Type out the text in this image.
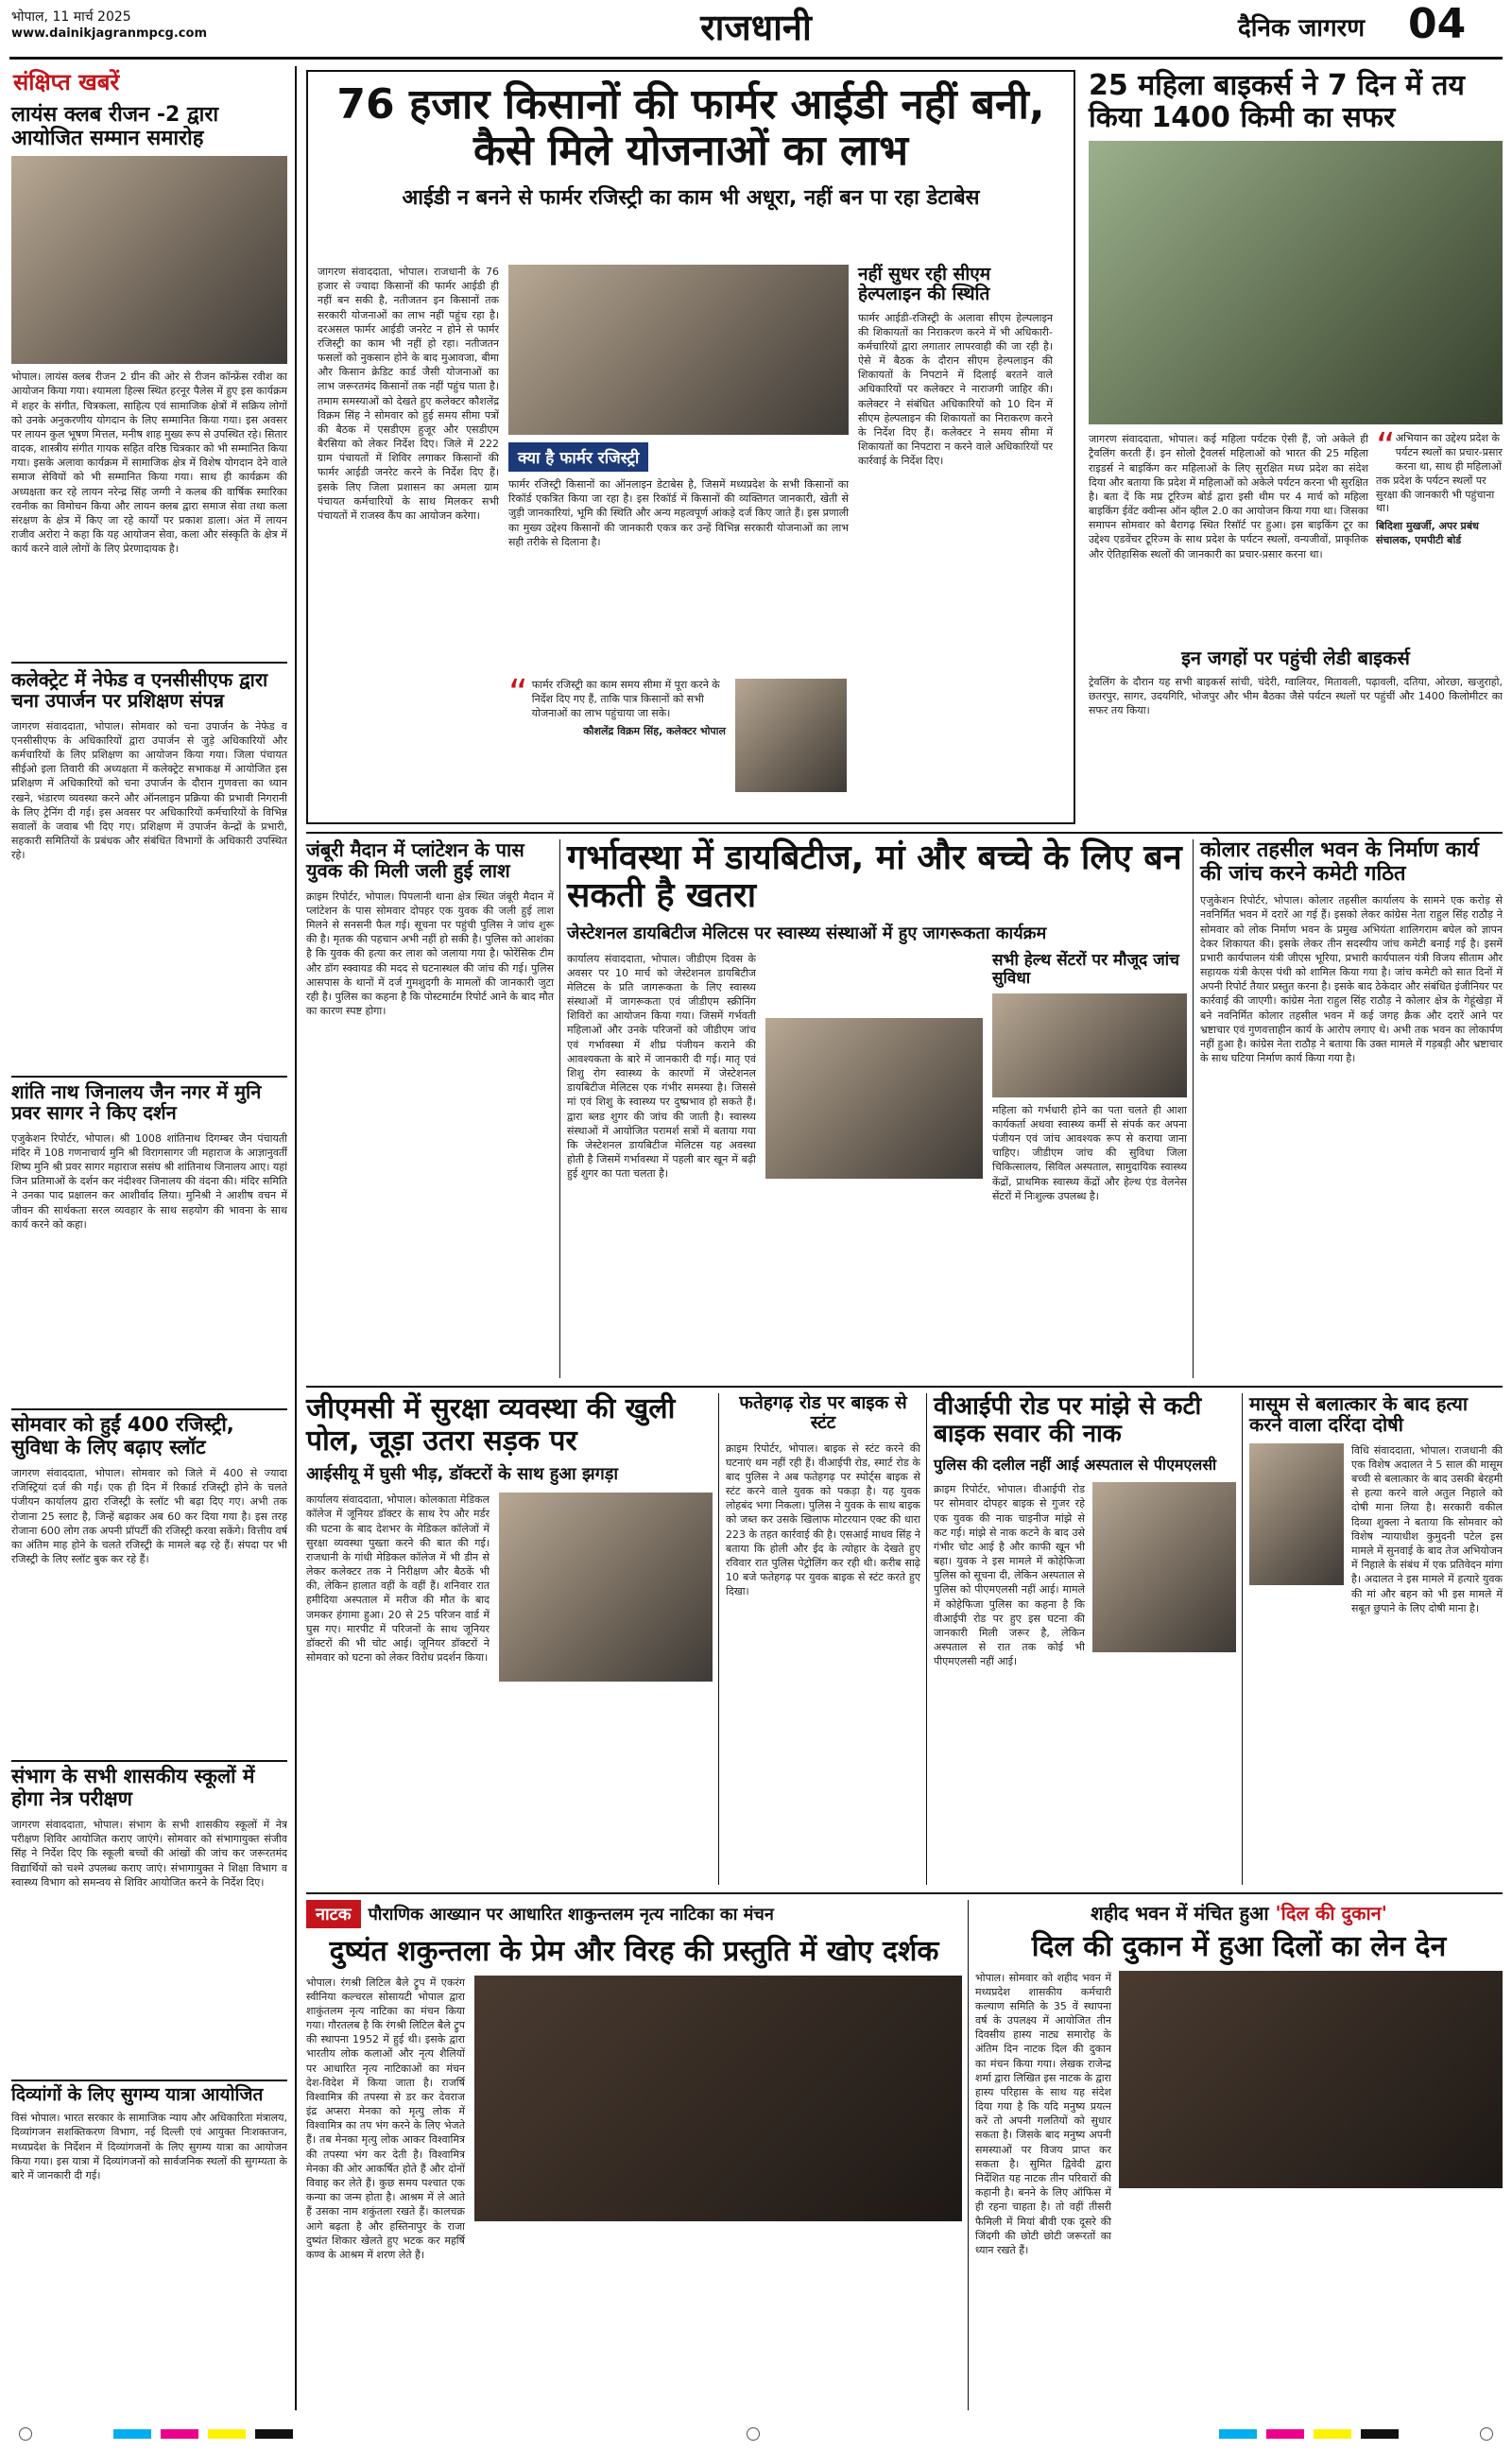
भोपाल, 11 मार्च 2025
www.dainikjagranmpcg.com	राजधानी	दैनिक जागरण 04
संक्षिप्त खबरें
लायंस क्लब रीजन -2 द्वारा आयोजित सम्मान समारोह
भोपाल। लायंस क्लब रीजन 2 ग्रीन की ओर से रीजन कॉन्फ्रेंस रवीश का आयोजन किया गया। श्यामला हिल्स स्थित हरनूर पैलेस में हुए इस कार्यक्रम में शहर के संगीत, चित्रकला, साहित्य एवं सामाजिक क्षेत्रों में सक्रिय लोगों को उनके अनुकरणीय योगदान के लिए सम्मानित किया गया। इस अवसर पर लायन कुल भूषण मित्तल, मनीष शाह मुख्य रूप से उपस्थित रहे। सितार वादक, शास्त्रीय संगीत गायक सहित वरिष्ठ चित्रकार को भी सम्मानित किया गया। इसके अलावा कार्यक्रम में सामाजिक क्षेत्र में विशेष योगदान देने वाले समाज सेवियों को भी सम्मानित किया गया। साथ ही कार्यक्रम की अध्यक्षता कर रहे लायन नरेन्द्र सिंह जग्गी ने कलब की वार्षिक स्मारिका रवनीक का विमोचन किया और लायन क्लब द्वारा समाज सेवा तथा कला संरक्षण के क्षेत्र में किए जा रहे कार्यों पर प्रकाश डाला। अंत में लायन राजीव अरोरा ने कहा कि यह आयोजन सेवा, कला और संस्कृति के क्षेत्र में कार्य करने वाले लोगों के लिए प्रेरणादायक है।
कलेक्ट्रेट में नेफेड व एनसीसीएफ द्वारा चना उपार्जन पर प्रशिक्षण संपन्न
जागरण संवाददाता, भोपाल। सोमवार को चना उपार्जन के नेफेड व एनसीसीएफ के अधिकारियों द्वारा उपार्जन से जुड़े अधिकारियों और कर्मचारियों के लिए प्रशिक्षण का आयोजन किया गया। जिला पंचायत सीईओ इला तिवारी की अध्यक्षता में कलेक्ट्रेट सभाकक्ष में आयोजित इस प्रशिक्षण में अधिकारियों को चना उपार्जन के दौरान गुणवत्ता का ध्यान रखने, भंडारण व्यवस्था करने और ऑनलाइन प्रक्रिया की प्रभावी निगरानी के लिए ट्रेनिंग दी गई। इस अवसर पर अधिकारियों कर्मचारियों के विभिन्न सवालों के जवाब भी दिए गए। प्रशिक्षण में उपार्जन केन्द्रों के प्रभारी, सहकारी समितियों के प्रबंधक और संबंधित विभागों के अधिकारी उपस्थित रहे।
शांति नाथ जिनालय जैन नगर में मुनि प्रवर सागर ने किए दर्शन
एजुकेशन रिपोर्टर, भोपाल। श्री 1008 शांतिनाथ दिगम्बर जैन पंचायती मंदिर में 108 गणनाचार्य मुनि श्री विरागसागर जी महाराज के आज्ञानुवर्ती शिष्य मुनि श्री प्रवर सागर महाराज ससंघ श्री शांतिनाथ जिनालय आए। यहां जिन प्रतिमाओं के दर्शन कर नंदीश्वर जिनालय की वंदना की। मंदिर समिति ने उनका पाद प्रक्षालन कर आशीर्वाद लिया। मुनिश्री ने आशीष वचन में जीवन की सार्थकता सरल व्यवहार के साथ सहयोग की भावना के साथ कार्य करने को कहा।
सोमवार को हुईं 400 रजिस्ट्री, सुविधा के लिए बढ़ाए स्लॉट
जागरण संवाददाता, भोपाल। सोमवार को जिले में 400 से ज्यादा रजिस्ट्रियां दर्ज की गईं। एक ही दिन में रिकार्ड रजिस्ट्री होने के चलते पंजीयन कार्यालय द्वारा रजिस्ट्री के स्लॉट भी बढ़ा दिए गए। अभी तक रोजाना 25 स्लाट है, जिन्हें बढ़ाकर अब 60 कर दिया गया है। इस तरह रोजाना 600 लोग तक अपनी प्रॉपर्टी की रजिस्ट्री करवा सकेंगे। वित्तीय वर्ष का अंतिम माह होने के चलते रजिस्ट्री के मामले बढ़ रहे हैं। संपदा पर भी रजिस्ट्री के लिए स्लॉट बुक कर रहे हैं।
संभाग के सभी शासकीय स्कूलों में होगा नेत्र परीक्षण
जागरण संवाददाता, भोपाल। संभाग के सभी शासकीय स्कूलों में नेत्र परीक्षण शिविर आयोजित कराए जाएंगे। सोमवार को संभागायुक्त संजीव सिंह ने निर्देश दिए कि स्कूली बच्चों की आंखों की जांच कर जरूरतमंद विद्यार्थियों को चश्मे उपलब्ध कराए जाएं। संभागायुक्त ने शिक्षा विभाग व स्वास्थ्य विभाग को समन्वय से शिविर आयोजित करने के निर्देश दिए।
दिव्यांगों के लिए सुगम्य यात्रा आयोजित
विसं भोपाल। भारत सरकार के सामाजिक न्याय और अधिकारिता मंत्रालय, दिव्यांगजन सशक्तिकरण विभाग, नई दिल्ली एवं आयुक्त निःशक्तजन, मध्यप्रदेश के निर्देशन में दिव्यांगजनों के लिए सुगम्य यात्रा का आयोजन किया गया। इस यात्रा में दिव्यांगजनों को सार्वजनिक स्थलों की सुगम्यता के बारे में जानकारी दी गई।
76 हजार किसानों की फार्मर आईडी नहीं बनी, कैसे मिले योजनाओं का लाभ
आईडी न बनने से फार्मर रजिस्ट्री का काम भी अधूरा, नहीं बन पा रहा डेटाबेस
जागरण संवाददाता, भोपाल। राजधानी के 76 हजार से ज्यादा किसानों की फार्मर आईडी ही नहीं बन सकी है, नतीजतन इन किसानों तक सरकारी योजनाओं का लाभ नहीं पहुंच रहा है। दरअसल फार्मर आईडी जनरेट न होने से फार्मर रजिस्ट्री का काम भी नहीं हो रहा। नतीजतन फसलों को नुकसान होने के बाद मुआवजा, बीमा और किसान क्रेडिट कार्ड जैसी योजनाओं का लाभ जरूरतमंद किसानों तक नहीं पहुंच पाता है। तमाम समस्याओं को देखते हुए कलेक्टर कौशलेंद्र विक्रम सिंह ने सोमवार को हुई समय सीमा पत्रों की बैठक में एसडीएम हुजूर और एसडीएम बैरसिया को लेकर निर्देश दिए। जिले में 222 ग्राम पंचायतों में शिविर लगाकर किसानों की फार्मर आईडी जनरेट करने के निर्देश दिए हैं। इसके लिए जिला प्रशासन का अमला ग्राम पंचायत कर्मचारियों के साथ मिलकर सभी पंचायतों में राजस्व कैंप का आयोजन करेगा।
क्या है फार्मर रजिस्ट्री
फार्मर रजिस्ट्री किसानों का ऑनलाइन डेटाबेस है, जिसमें मध्यप्रदेश के सभी किसानों का रिकॉर्ड एकत्रित किया जा रहा है। इस रिकॉर्ड में किसानों की व्यक्तिगत जानकारी, खेती से जुड़ी जानकारियां, भूमि की स्थिति और अन्य महत्वपूर्ण आंकड़े दर्ज किए जाते हैं। इस प्रणाली का मुख्य उद्देश्य किसानों की जानकारी एकत्र कर उन्हें विभिन्न सरकारी योजनाओं का लाभ सही तरीके से दिलाना है।
“ फार्मर रजिस्ट्री का काम समय सीमा में पूरा करने के निर्देश दिए गए हैं, ताकि पात्र किसानों को सभी योजनाओं का लाभ पहुंचाया जा सके।
कौशलेंद्र विक्रम सिंह, कलेक्टर भोपाल
नहीं सुधर रही सीएम हेल्पलाइन की स्थिति
फार्मर आईडी-रजिस्ट्री के अलावा सीएम हेल्पलाइन की शिकायतों का निराकरण करने में भी अधिकारी-कर्मचारियों द्वारा लगातार लापरवाही की जा रही है। ऐसे में बैठक के दौरान सीएम हेल्पलाइन की शिकायतों के निपटाने में दिलाई बरतने वाले अधिकारियों पर कलेक्टर ने नाराजगी जाहिर की। कलेक्टर ने संबंधित अधिकारियों को 10 दिन में सीएम हेल्पलाइन की शिकायतों का निराकरण करने के निर्देश दिए हैं। कलेक्टर ने समय सीमा में शिकायतों का निपटारा न करने वाले अधिकारियों पर कार्रवाई के निर्देश दिए।
25 महिला बाइकर्स ने 7 दिन में तय किया 1400 किमी का सफर
जागरण संवाददाता, भोपाल। कई महिला पर्यटक ऐसी हैं, जो अकेले ही ट्रैवलिंग करती हैं। इन सोलो ट्रैवलर्स महिलाओं को भारत की 25 महिला राइडर्स ने बाइकिंग कर महिलाओं के लिए सुरक्षित मध्य प्रदेश का संदेश दिया और बताया कि प्रदेश में महिलाओं को अकेले पर्यटन करना भी सुरक्षित है। बता दें कि मप्र टूरिज्म बोर्ड द्वारा इसी थीम पर 4 मार्च को महिला बाइकिंग ईवेंट क्वीन्स ऑन व्हील 2.0 का आयोजन किया गया था। जिसका समापन सोमवार को बैरागढ़ स्थित रिसॉर्ट पर हुआ। इस बाइकिंग टूर का उद्देश्य एडवेंचर टूरिज्म के साथ प्रदेश के पर्यटन स्थलों, वन्यजीवों, प्राकृतिक और ऐतिहासिक स्थलों की जानकारी का प्रचार-प्रसार करना था।
“ अभियान का उद्देश्य प्रदेश के पर्यटन स्थलों का प्रचार-प्रसार करना था, साथ ही महिलाओं तक प्रदेश के पर्यटन स्थलों पर सुरक्षा की जानकारी भी पहुंचाना था।
बिदिशा मुखर्जी, अपर प्रबंध संचालक, एमपीटी बोर्ड
इन जगहों पर पहुंची लेडी बाइकर्स
ट्रेवलिंग के दौरान यह सभी बाइकर्स सांची, चंदेरी, ग्वालियर, मितावली, पढ़ावली, दतिया, ओरछा, खजुराहो, छतरपुर, सागर, उदयगिरि, भोजपुर और भीम बैठका जैसे पर्यटन स्थलों पर पहुंचीं और 1400 किलोमीटर का सफर तय किया।
जंबूरी मैदान में प्लांटेशन के पास युवक की मिली जली हुई लाश
क्राइम रिपोर्टर, भोपाल। पिपलानी थाना क्षेत्र स्थित जंबूरी मैदान में प्लांटेशन के पास सोमवार दोपहर एक युवक की जली हुई लाश मिलने से सनसनी फैल गई। सूचना पर पहुंची पुलिस ने जांच शुरू की है। मृतक की पहचान अभी नहीं हो सकी है। पुलिस को आशंका है कि युवक की हत्या कर लाश को जलाया गया है। फोरेंसिक टीम और डॉग स्क्वायड की मदद से घटनास्थल की जांच की गई। पुलिस आसपास के थानों में दर्ज गुमशुदगी के मामलों की जानकारी जुटा रही है। पुलिस का कहना है कि पोस्टमार्टम रिपोर्ट आने के बाद मौत का कारण स्पष्ट होगा।
गर्भावस्था में डायबिटीज, मां और बच्चे के लिए बन सकती है खतरा
जेस्टेशनल डायबिटीज मेलिटस पर स्वास्थ्य संस्थाओं में हुए जागरूकता कार्यक्रम
कार्यालय संवाददाता, भोपाल। जीडीएम दिवस के अवसर पर 10 मार्च को जेस्टेशनल डायबिटीज मेलिटस के प्रति जागरूकता के लिए स्वास्थ्य संस्थाओं में जागरूकता एवं जीडीएम स्क्रीनिंग शिविरों का आयोजन किया गया। जिसमें गर्भवती महिलाओं और उनके परिजनों को जीडीएम जांच एवं गर्भावस्था में शीघ्र पंजीयन कराने की आवश्यकता के बारे में जानकारी दी गई। मातृ एवं शिशु रोग स्वास्थ्य के कारणों में जेस्टेशनल डायबिटीज मेलिटस एक गंभीर समस्या है। जिससे मां एवं शिशु के स्वास्थ्य पर दुष्प्रभाव हो सकते हैं। द्वारा ब्लड शुगर की जांच की जाती है। स्वास्थ्य संस्थाओं में आयोजित परामर्श सत्रों में बताया गया कि जेस्टेशनल डायबिटीज मेलिटस यह अवस्था होती है जिसमें गर्भावस्था में पहली बार खून में बढ़ी हुई शुगर का पता चलता है।
सभी हेल्थ सेंटरों पर मौजूद जांच सुविधा
महिला को गर्भधारी होने का पता चलते ही आशा कार्यकर्ता अथवा स्वास्थ्य कर्मी से संपर्क कर अपना पंजीयन एवं जांच आवश्यक रूप से कराया जाना चाहिए। जीडीएम जांच की सुविधा जिला चिकित्सालय, सिविल अस्पताल, सामुदायिक स्वास्थ्य केंद्रों, प्राथमिक स्वास्थ्य केंद्रों और हेल्थ एंड वेलनेस सेंटरों में निःशुल्क उपलब्ध है।
कोलार तहसील भवन के निर्माण कार्य की जांच करने कमेटी गठित
एजुकेशन रिपोर्टर, भोपाल। कोलार तहसील कार्यालय के सामने एक करोड़ से नवनिर्मित भवन में दरारें आ गई हैं। इसको लेकर कांग्रेस नेता राहुल सिंह राठौड़ ने सोमवार को लोक निर्माण भवन के प्रमुख अभियंता शालिगराम बघेल को ज्ञापन देकर शिकायत की। इसके लेकर तीन सदस्यीय जांच कमेटी बनाई गई है। इसमें प्रभारी कार्यपालन यंत्री जीएस भूरिया, प्रभारी कार्यपालन यंत्री विजय सीताम और सहायक यंत्री केएस पंथी को शामिल किया गया है। जांच कमेटी को सात दिनों में अपनी रिपोर्ट तैयार प्रस्तुत करना है। इसके बाद ठेकेदार और संबंधित इंजीनियर पर कार्रवाई की जाएगी। कांग्रेस नेता राहुल सिंह राठौड़ ने कोलार क्षेत्र के गेहूंखेड़ा में बने नवनिर्मित कोलार तहसील भवन में कई जगह क्रैक और दरारें आने पर भ्रष्टाचार एवं गुणवत्ताहीन कार्य के आरोप लगाए थे। अभी तक भवन का लोकार्पण नहीं हुआ है। कांग्रेस नेता राठौड़ ने बताया कि उक्त मामले में गड़बड़ी और भ्रष्टाचार के साथ घटिया निर्माण कार्य किया गया है।
जीएमसी में सुरक्षा व्यवस्था की खुली पोल, जूड़ा उतरा सड़क पर
आईसीयू में घुसी भीड़, डॉक्टरों के साथ हुआ झगड़ा
कार्यालय संवाददाता, भोपाल। कोलकाता मेडिकल कॉलेज में जूनियर डॉक्टर के साथ रेप और मर्डर की घटना के बाद देशभर के मेडिकल कॉलेजों में सुरक्षा व्यवस्था पुख्ता करने की बात की गई। राजधानी के गांधी मेडिकल कॉलेज में भी डीन से लेकर कलेक्टर तक ने निरीक्षण और बैठकें भी की, लेकिन हालात वहीं के वहीं हैं। शनिवार रात हमीदिया अस्पताल में मरीज की मौत के बाद जमकर हंगामा हुआ। 20 से 25 परिजन वार्ड में घुस गए। मारपीट में परिजनों के साथ जूनियर डॉक्टरों की भी चोट आई। जूनियर डॉक्टरों ने सोमवार को घटना को लेकर विरोध प्रदर्शन किया।
फतेहगढ़ रोड पर बाइक से स्टंट
क्राइम रिपोर्टर, भोपाल। बाइक से स्टंट करने की घटनाएं थम नहीं रही हैं। वीआईपी रोड, स्मार्ट रोड के बाद पुलिस ने अब फतेहगढ़ पर स्पोर्ट्स बाइक से स्टंट करने वाले युवक को पकड़ा है। यह युवक लोहबंद भगा निकला। पुलिस ने युवक के साथ बाइक को जब्त कर उसके खिलाफ मोटरयान एक्ट की धारा 223 के तहत कार्रवाई की है। एसआई माधव सिंह ने बताया कि होली और ईद के त्योहार के देखते हुए रविवार रात पुलिस पेट्रोलिंग कर रही थी। करीब साढ़े 10 बजे फतेहगढ़ पर युवक बाइक से स्टंट करते हुए दिखा।
वीआईपी रोड पर मांझे से कटी बाइक सवार की नाक
पुलिस की दलील नहीं आई अस्पताल से पीएमएलसी
क्राइम रिपोर्टर, भोपाल। वीआईपी रोड पर सोमवार दोपहर बाइक से गुजर रहे एक युवक की नाक चाइनीज मांझे से कट गई। मांझे से नाक कटने के बाद उसे गंभीर चोट आई है और काफी खून भी बहा। युवक ने इस मामले में कोहेफिजा पुलिस को सूचना दी, लेकिन अस्पताल से पुलिस को पीएमएलसी नहीं आई। मामले में कोहेफिजा पुलिस का कहना है कि वीआईपी रोड पर हुए इस घटना की जानकारी मिली जरूर है, लेकिन अस्पताल से रात तक कोई भी पीएमएलसी नहीं आई।
मासूम से बलात्कार के बाद हत्या करने वाला दरिंदा दोषी
विधि संवाददाता, भोपाल। राजधानी की एक विशेष अदालत ने 5 साल की मासूम बच्ची से बलात्कार के बाद उसकी बेरहमी से हत्या करने वाले अतुल निहाले को दोषी माना लिया है। सरकारी वकील दिव्या शुक्ला ने बताया कि सोमवार को विशेष न्यायाधीश कुमुदनी पटेल इस मामले में सुनवाई के बाद तेज अभियोजन में निहाले के संबंध में एक प्रतिवेदन मांगा है। अदालत ने इस मामले में हत्यारे युवक की मां और बहन को भी इस मामले में सबूत छुपाने के लिए दोषी माना है।
नाटक	पौराणिक आख्यान पर आधारित शाकुन्तलम नृत्य नाटिका का मंचन
दुष्यंत शकुन्तला के प्रेम और विरह की प्रस्तुति में खोए दर्शक
भोपाल। रंगश्री लिटिल बैले ट्रुप में एकरंग स्वीनिया कल्चरल सोसायटी भोपाल द्वारा शाकुंतलम नृत्य नाटिका का मंचन किया गया। गौरतलब है कि रंगश्री लिटिल बैले ट्रुप की स्थापना 1952 में हुई थी। इसके द्वारा भारतीय लोक कलाओं और नृत्य शैलियों पर आधारित नृत्य नाटिकाओं का मंचन देश-विदेश में किया जाता है। राजर्षि विश्वामित्र की तपस्या से डर कर देवराज इंद्र अप्सरा मेनका को मृत्यु लोक में विश्वामित्र का तप भंग करने के लिए भेजते हैं। तब मेनका मृत्यु लोक आकर विश्वामित्र की तपस्या भंग कर देती है। विश्वामित्र मेनका की ओर आकर्षित होते हैं और दोनों विवाह कर लेते हैं। कुछ समय पश्चात एक कन्या का जन्म होता है। आश्रम में ले आते हैं उसका नाम शकुंतला रखते हैं। कालचक्र आगे बढ़ता है और हस्तिनापुर के राजा दुष्यंत शिकार खेलते हुए भटक कर महर्षि कण्व के आश्रम में शरण लेते हैं।
शहीद भवन में मंचित हुआ 'दिल की दुकान'
दिल की दुकान में हुआ दिलों का लेन देन
भोपाल। सोमवार को शहीद भवन में मध्यप्रदेश शासकीय कर्मचारी कल्याण समिति के 35 वें स्थापना वर्ष के उपलक्ष्य में आयोजित तीन दिवसीय हास्य नाट्य समारोह के अंतिम दिन नाटक दिल की दुकान का मंचन किया गया। लेखक राजेन्द्र शर्मा द्वारा लिखित इस नाटक के द्वारा हास्य परिहास के साथ यह संदेश दिया गया है कि यदि मनुष्य प्रयत्न करें तो अपनी गलतियों को सुधार सकता है। जिसके बाद मनुष्य अपनी समस्याओं पर विजय प्राप्त कर सकता है। सुमित द्विवेदी द्वारा निर्देशित यह नाटक तीन परिवारों की कहानी है। बनने के लिए ऑफिस में ही रहना चाहता है। तो वहीं तीसरी फैमिली में मियां बीवी एक दूसरे की जिंदगी की छोटी छोटी जरूरतों का ध्यान रखते हैं।
